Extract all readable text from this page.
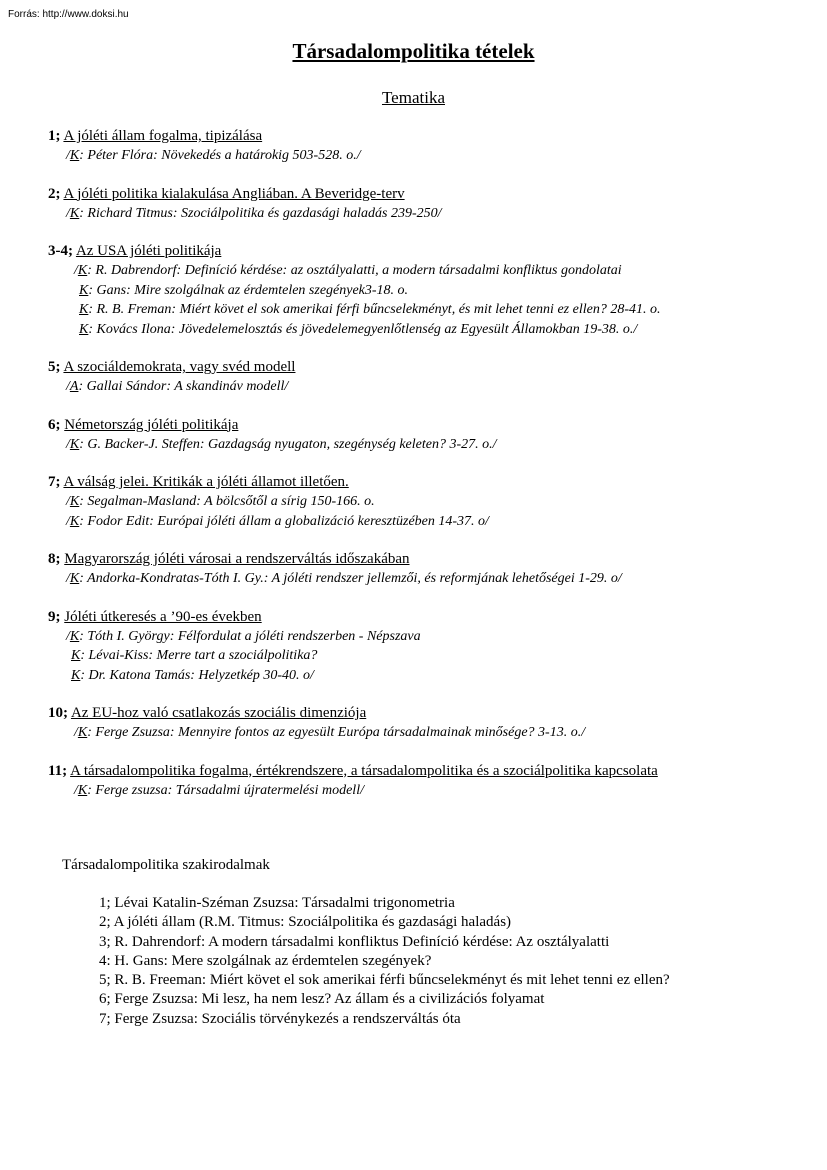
Forrás: http://www.doksi.hu
Társadalompolitika tételek
Tematika
1; A jóléti állam fogalma, tipizálása
/K: Péter Flóra: Növekedés a határokig 503-528. o./
2; A jóléti politika kialakulása Angliában. A Beveridge-terv
/K: Richard Titmus: Szociálpolitika és gazdasági haladás 239-250/
3-4; Az USA jóléti politikája
/K: R. Dabrendorf: Definíció kérdése: az osztályalatti, a modern társadalmi konfliktus gondolatai
K: Gans: Mire szolgálnak az érdemtelen szegények3-18. o.
K: R. B. Freman: Miért követ el sok amerikai férfi bűncselekményt, és mit lehet tenni ez ellen? 28-41. o.
K: Kovács Ilona: Jövedelemelosztás és jövedelemegyenlőtlenség az Egyesült Államokban 19-38. o./
5; A szociáldemokrata, vagy svéd modell
/A: Gallai Sándor: A skandináv modell/
6; Németország jóléti politikája
/K: G. Backer-J. Steffen: Gazdagság nyugaton, szegénység keleten? 3-27. o./
7; A válság jelei. Kritikák a jóléti államot illetően.
/K: Segalman-Masland: A bölcsőtől a sírig 150-166. o.
/K: Fodor Edit: Európai jóléti állam a globalizáció keresztüzében 14-37. o/
8; Magyarország jóléti városai a rendszerváltás időszakában
/K: Andorka-Kondratas-Tóth I. Gy.: A jóléti rendszer jellemzői, és reformjának lehetőségei 1-29. o/
9; Jóléti útkeresés a ’90-es években
/K: Tóth I. György: Félfordulat a jóléti rendszerben - Népszava
K: Lévai-Kiss: Merre tart a szociálpolitika?
K: Dr. Katona Tamás: Helyzetkép 30-40. o/
10; Az EU-hoz való csatlakozás szociális dimenziója
/K: Ferge Zsuzsa: Mennyire fontos az egyesült Európa társadalmainak minősége? 3-13. o./
11; A társadalompolitika fogalma, értékrendszere, a társadalompolitika és a szociálpolitika kapcsolata
/K: Ferge zsuzsa: Társadalmi újratermelési modell/
Társadalompolitika szakirodalmak
1; Lévai Katalin-Széman Zsuzsa: Társadalmi trigonometria
2; A jóléti állam (R.M. Titmus: Szociálpolitika és gazdasági haladás)
3; R. Dahrendorf: A modern társadalmi konfliktus Definíció kérdése: Az osztályalatti
4: H. Gans: Mere szolgálnak az érdemtelen szegények?
5; R. B. Freeman: Miért követ el sok amerikai férfi bűncselekményt és mit lehet tenni ez ellen?
6; Ferge Zsuzsa: Mi lesz, ha nem lesz? Az állam és a civilizációs folyamat
7; Ferge Zsuzsa: Szociális törvénykezés a rendszerváltás óta
